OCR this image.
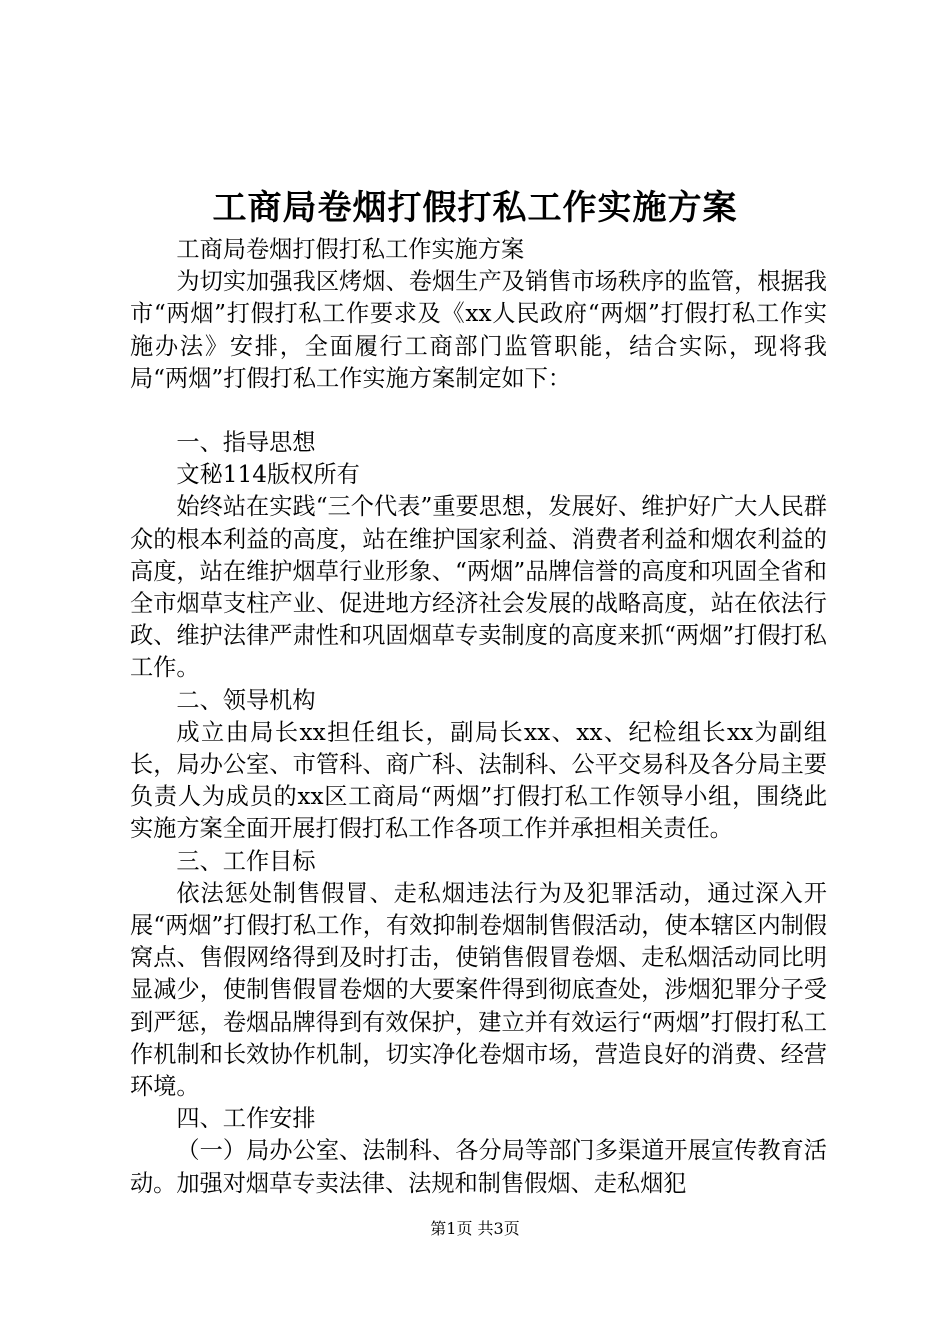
工商局卷烟打假打私工作实施方案

工商局卷烟打假打私工作实施方案

为切实加强我区烤烟、卷烟生产及销售市场秩序的监管，根据我市“两烟”打假打私工作要求及《xx人民政府“两烟”打假打私工作实施办法》安排，全面履行工商部门监管职能，结合实际，现将我局“两烟”打假打私工作实施方案制定如下：

一、指导思想

文秘114版权所有

始终站在实践“三个代表”重要思想，发展好、维护好广大人民群众的根本利益的高度，站在维护国家利益、消费者利益和烟农利益的高度，站在维护烟草行业形象、“两烟”品牌信誉的高度和巩固全省和全市烟草支柱产业、促进地方经济社会发展的战略高度，站在依法行政、维护法律严肃性和巩固烟草专卖制度的高度来抓“两烟”打假打私工作。

二、领导机构

成立由局长xx担任组长，副局长xx、xx、纪检组长xx为副组长，局办公室、市管科、商广科、法制科、公平交易科及各分局主要负责人为成员的xx区工商局“两烟”打假打私工作领导小组，围绕此实施方案全面开展打假打私工作各项工作并承担相关责任。

三、工作目标

依法惩处制售假冒、走私烟违法行为及犯罪活动，通过深入开展“两烟”打假打私工作，有效抑制卷烟制售假活动，使本辖区内制假窝点、售假网络得到及时打击，使销售假冒卷烟、走私烟活动同比明显减少，使制售假冒卷烟的大要案件得到彻底查处，涉烟犯罪分子受到严惩，卷烟品牌得到有效保护，建立并有效运行“两烟”打假打私工作机制和长效协作机制，切实净化卷烟市场，营造良好的消费、经营环境。

四、工作安排

（一）局办公室、法制科、各分局等部门多渠道开展宣传教育活动。加强对烟草专卖法律、法规和制售假烟、走私烟犯

第1页 共3页
